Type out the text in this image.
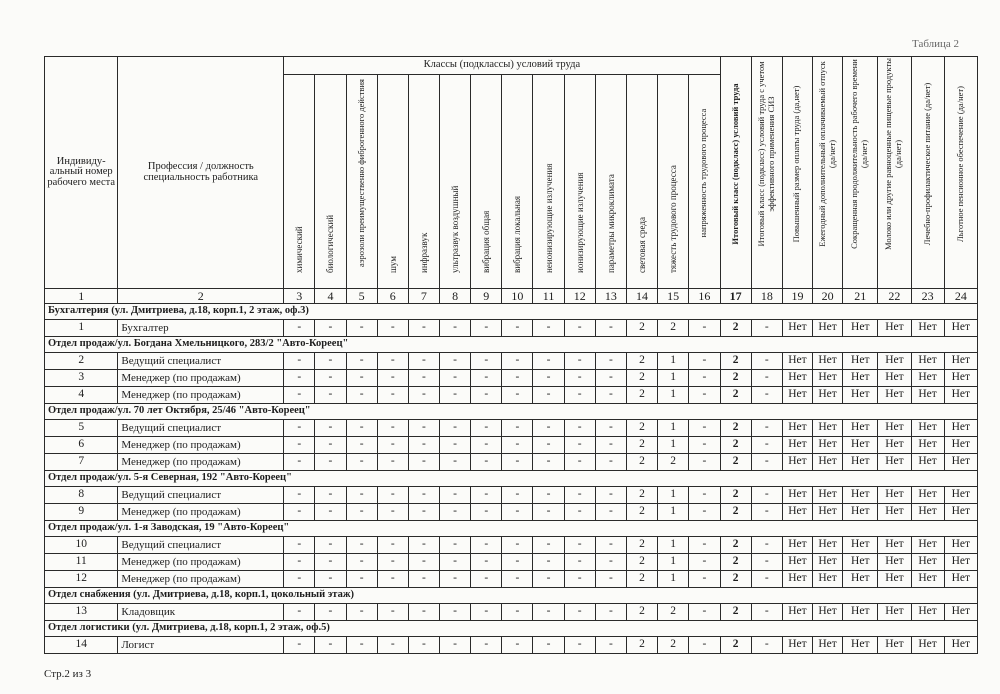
Таблица 2
Индивиду-альный номер рабочего места	Профессия / должность специальность работника	Классы (подклассы) условий труда														Итоговый класс (подкласс) условий труда	Итоговый класс (подкласс) условий труда с учетом эффективного применения СИЗ	Повышенный размер оплаты труда (да,нет)	Ежегодный дополнительный оплачиваемый отпуск (да/нет)	Сокращенная продолжительность рабочего времени (да/нет)	Молоко или другие равноценные пищевые продукты (да/нет)	Лечебно-профилактическое питание (да/нет)	Льготное пенсионное обеспечение (да/нет)

		химический	биологический	аэрозоли преимущественно фиброгенного действия	шум	инфразвук	ультразвук воздушный	вибрация общая	вибрация локальная	неионизирующие излучения	ионизирующие излучения	параметры микроклимата	световая среда	тяжесть трудового процесса	напряженность трудового процесса								

1	2	3	4	5	6	7	8	9	10	11	12	13	14	15	16	17	18	19	20	21	22	23	24
Бухгалтерия (ул. Дмитриева, д.18, корп.1, 2 этаж, оф.3)																							
1	Бухгалтер	-	-	-	-	-	-	-	-	-	-	-	2	2	-	2	-	Нет	Нет	Нет	Нет	Нет	Нет
Отдел продаж/ул. Богдана Хмельницкого, 283/2 "Авто-Кореец"																							
2	Ведущий специалист	-	-	-	-	-	-	-	-	-	-	-	2	1	-	2	-	Нет	Нет	Нет	Нет	Нет	Нет
3	Менеджер (по продажам)	-	-	-	-	-	-	-	-	-	-	-	2	1	-	2	-	Нет	Нет	Нет	Нет	Нет	Нет
4	Менеджер (по продажам)	-	-	-	-	-	-	-	-	-	-	-	2	1	-	2	-	Нет	Нет	Нет	Нет	Нет	Нет
Отдел продаж/ул. 70 лет Октября, 25/46 "Авто-Кореец"																							
5	Ведущий специалист	-	-	-	-	-	-	-	-	-	-	-	2	1	-	2	-	Нет	Нет	Нет	Нет	Нет	Нет
6	Менеджер (по продажам)	-	-	-	-	-	-	-	-	-	-	-	2	1	-	2	-	Нет	Нет	Нет	Нет	Нет	Нет
7	Менеджер (по продажам)	-	-	-	-	-	-	-	-	-	-	-	2	2	-	2	-	Нет	Нет	Нет	Нет	Нет	Нет
Отдел продаж/ул. 5-я Северная, 192 "Авто-Кореец"																							
8	Ведущий специалист	-	-	-	-	-	-	-	-	-	-	-	2	1	-	2	-	Нет	Нет	Нет	Нет	Нет	Нет
9	Менеджер (по продажам)	-	-	-	-	-	-	-	-	-	-	-	2	1	-	2	-	Нет	Нет	Нет	Нет	Нет	Нет
Отдел продаж/ул. 1-я Заводская, 19 "Авто-Кореец"																							
10	Ведущий специалист	-	-	-	-	-	-	-	-	-	-	-	2	1	-	2	-	Нет	Нет	Нет	Нет	Нет	Нет
11	Менеджер (по продажам)	-	-	-	-	-	-	-	-	-	-	-	2	1	-	2	-	Нет	Нет	Нет	Нет	Нет	Нет
12	Менеджер (по продажам)	-	-	-	-	-	-	-	-	-	-	-	2	1	-	2	-	Нет	Нет	Нет	Нет	Нет	Нет
Отдел снабжения (ул. Дмитриева, д.18, корп.1, цокольный этаж)																							
13	Кладовщик	-	-	-	-	-	-	-	-	-	-	-	2	2	-	2	-	Нет	Нет	Нет	Нет	Нет	Нет
Отдел логистики (ул. Дмитриева, д.18, корп.1, 2 этаж, оф.5)																							
14	Логист	-	-	-	-	-	-	-	-	-	-	-	2	2	-	2	-	Нет	Нет	Нет	Нет	Нет	Нет
Стр.2 из 3
